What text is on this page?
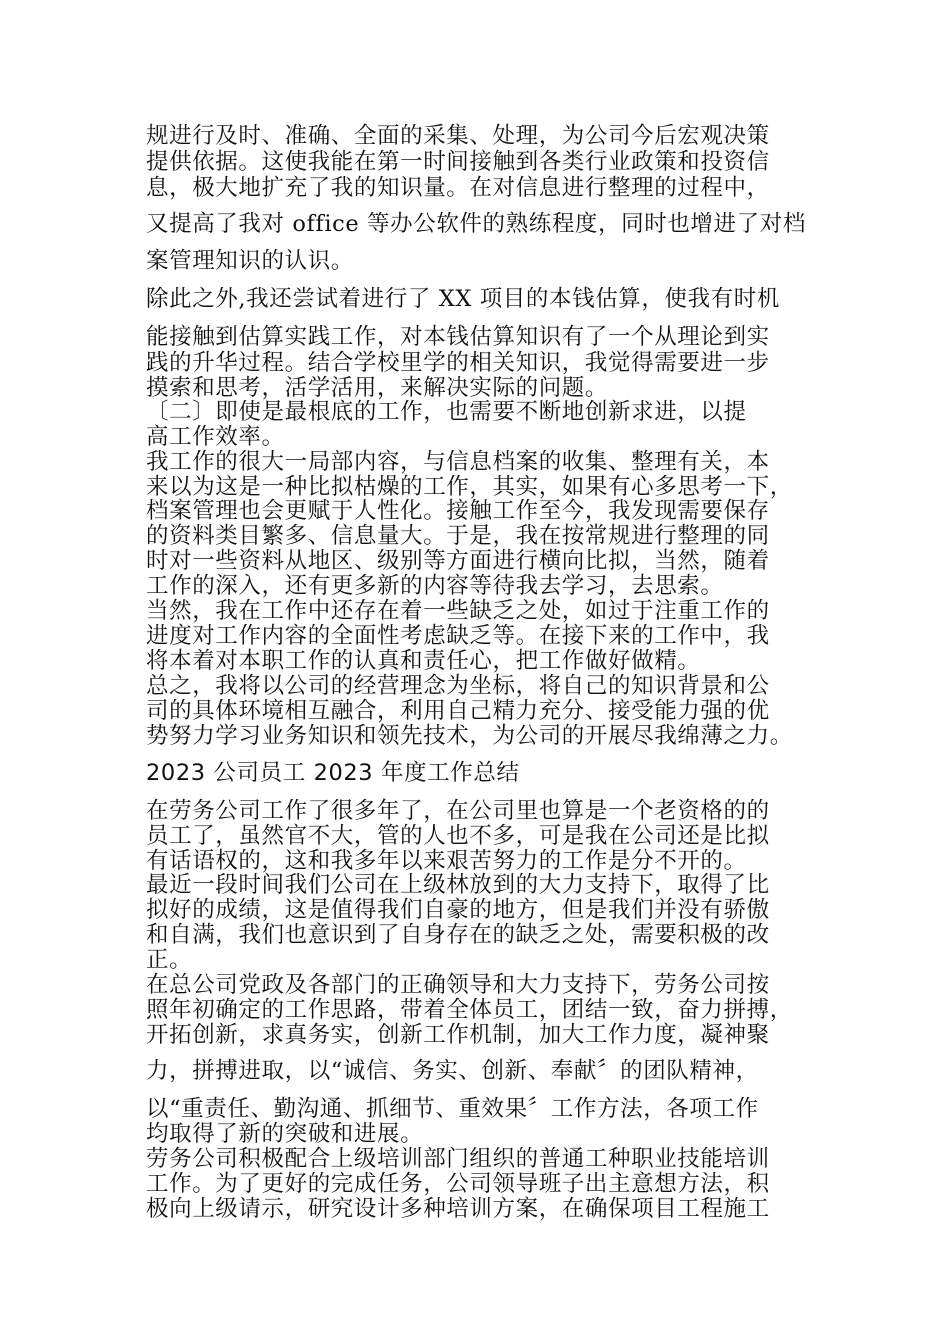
规进行及时、准确、全面的采集、处理，为公司今后宏观决策
提供依据。这使我能在第一时间接触到各类行业政策和投资信
息，极大地扩充了我的知识量。在对信息进行整理的过程中，
又提高了我对 office 等办公软件的熟练程度，同时也增进了对档
案管理知识的认识。
除此之外,我还尝试着进行了 XX 项目的本钱估算，使我有时机
能接触到估算实践工作，对本钱估算知识有了一个从理论到实
践的升华过程。结合学校里学的相关知识，我觉得需要进一步
摸索和思考，活学活用，来解决实际的问题。
〔二〕即使是最根底的工作，也需要不断地创新求进，以提
高工作效率。
我工作的很大一局部内容，与信息档案的收集、整理有关，本
来以为这是一种比拟枯燥的工作，其实，如果有心多思考一下，
档案管理也会更赋于人性化。接触工作至今，我发现需要保存
的资料类目繁多、信息量大。于是，我在按常规进行整理的同
时对一些资料从地区、级别等方面进行横向比拟，当然，随着
工作的深入，还有更多新的内容等待我去学习，去思索。
当然，我在工作中还存在着一些缺乏之处，如过于注重工作的
进度对工作内容的全面性考虑缺乏等。在接下来的工作中，我
将本着对本职工作的认真和责任心，把工作做好做精。
总之，我将以公司的经营理念为坐标，将自己的知识背景和公
司的具体环境相互融合，利用自己精力充分、接受能力强的优
势努力学习业务知识和领先技术，为公司的开展尽我绵薄之力。
2023 公司员工 2023 年度工作总结
在劳务公司工作了很多年了，在公司里也算是一个老资格的的
员工了，虽然官不大，管的人也不多，可是我在公司还是比拟
有话语权的，这和我多年以来艰苦努力的工作是分不开的。
最近一段时间我们公司在上级林放到的大力支持下，取得了比
拟好的成绩，这是值得我们自豪的地方，但是我们并没有骄傲
和自满，我们也意识到了自身存在的缺乏之处，需要积极的改
正。
在总公司党政及各部门的正确领导和大力支持下，劳务公司按
照年初确定的工作思路，带着全体员工，团结一致，奋力拼搏，
开拓创新，求真务实，创新工作机制，加大工作力度，凝神聚
力，拼搏进取，以“诚信、务实、创新、奉献〞的团队精神，
以“重责任、勤沟通、抓细节、重效果〞工作方法，各项工作
均取得了新的突破和进展。
劳务公司积极配合上级培训部门组织的普通工种职业技能培训
工作。为了更好的完成任务，公司领导班子出主意想方法，积
极向上级请示，研究设计多种培训方案，在确保项目工程施工
